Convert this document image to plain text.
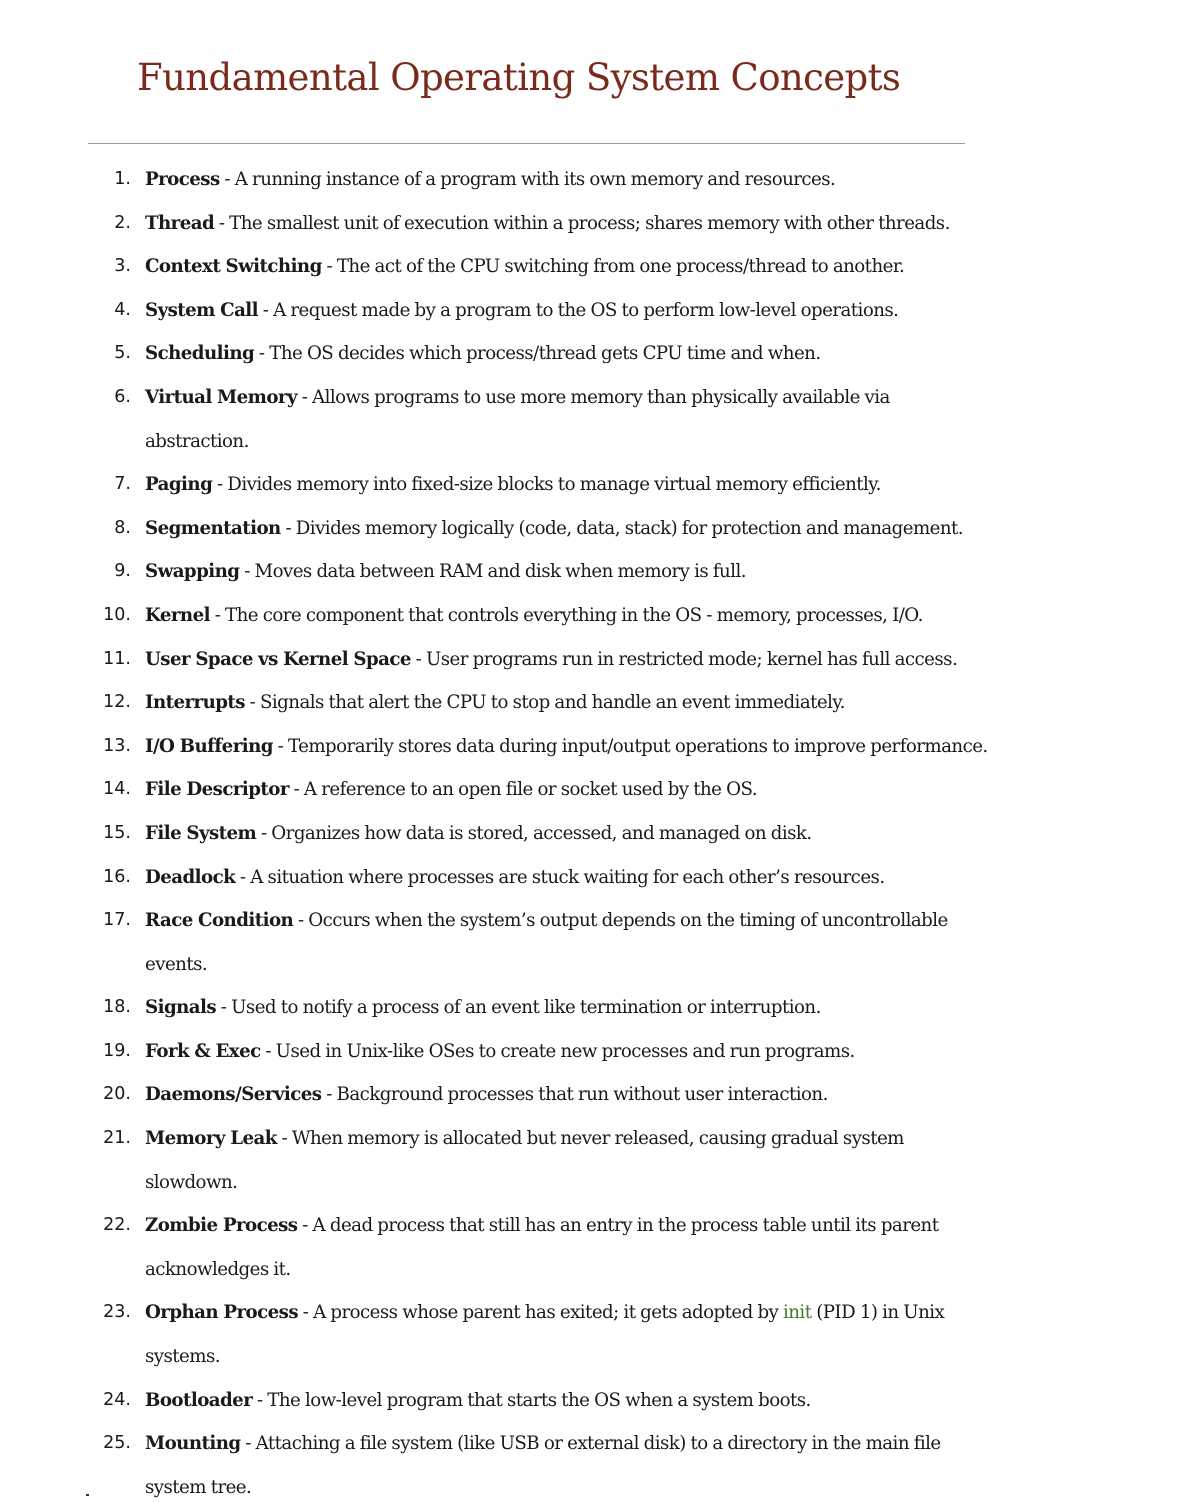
Fundamental Operating System Concepts
1. Process - A running instance of a program with its own memory and resources.
2. Thread - The smallest unit of execution within a process; shares memory with other threads.
3. Context Switching - The act of the CPU switching from one process/thread to another.
4. System Call - A request made by a program to the OS to perform low-level operations.
5. Scheduling - The OS decides which process/thread gets CPU time and when.
6. Virtual Memory - Allows programs to use more memory than physically available via abstraction.
7. Paging - Divides memory into fixed-size blocks to manage virtual memory efficiently.
8. Segmentation - Divides memory logically (code, data, stack) for protection and management.
9. Swapping - Moves data between RAM and disk when memory is full.
10. Kernel - The core component that controls everything in the OS - memory, processes, I/O.
11. User Space vs Kernel Space - User programs run in restricted mode; kernel has full access.
12. Interrupts - Signals that alert the CPU to stop and handle an event immediately.
13. I/O Buffering - Temporarily stores data during input/output operations to improve performance.
14. File Descriptor - A reference to an open file or socket used by the OS.
15. File System - Organizes how data is stored, accessed, and managed on disk.
16. Deadlock - A situation where processes are stuck waiting for each other’s resources.
17. Race Condition - Occurs when the system’s output depends on the timing of uncontrollable events.
18. Signals - Used to notify a process of an event like termination or interruption.
19. Fork & Exec - Used in Unix-like OSes to create new processes and run programs.
20. Daemons/Services - Background processes that run without user interaction.
21. Memory Leak - When memory is allocated but never released, causing gradual system slowdown.
22. Zombie Process - A dead process that still has an entry in the process table until its parent acknowledges it.
23. Orphan Process - A process whose parent has exited; it gets adopted by init (PID 1) in Unix systems.
24. Bootloader - The low-level program that starts the OS when a system boots.
25. Mounting - Attaching a file system (like USB or external disk) to a directory in the main file system tree.
